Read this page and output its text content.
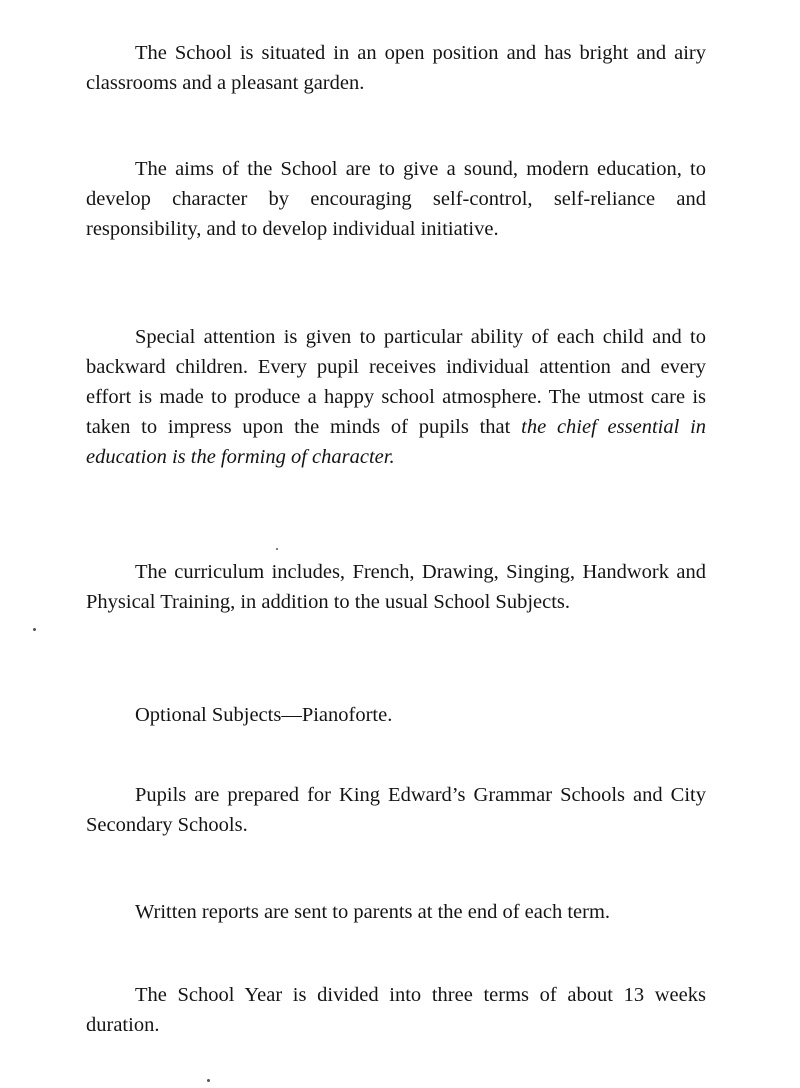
The School is situated in an open position and has bright and airy classrooms and a pleasant garden.

The aims of the School are to give a sound, modern education, to develop character by encouraging self-control, self-reliance and responsibility, and to develop individual initiative.

Special attention is given to particular ability of each child and to backward children. Every pupil receives individual attention and every effort is made to produce a happy school atmosphere. The utmost care is taken to impress upon the minds of pupils that the chief essential in education is the forming of character.

The curriculum includes, French, Drawing, Singing, Handwork and Physical Training, in addition to the usual School Subjects.

Optional Subjects—Pianoforte.

Pupils are prepared for King Edward’s Grammar Schools and City Secondary Schools.

Written reports are sent to parents at the end of each term.

The School Year is divided into three terms of about 13 weeks duration.
